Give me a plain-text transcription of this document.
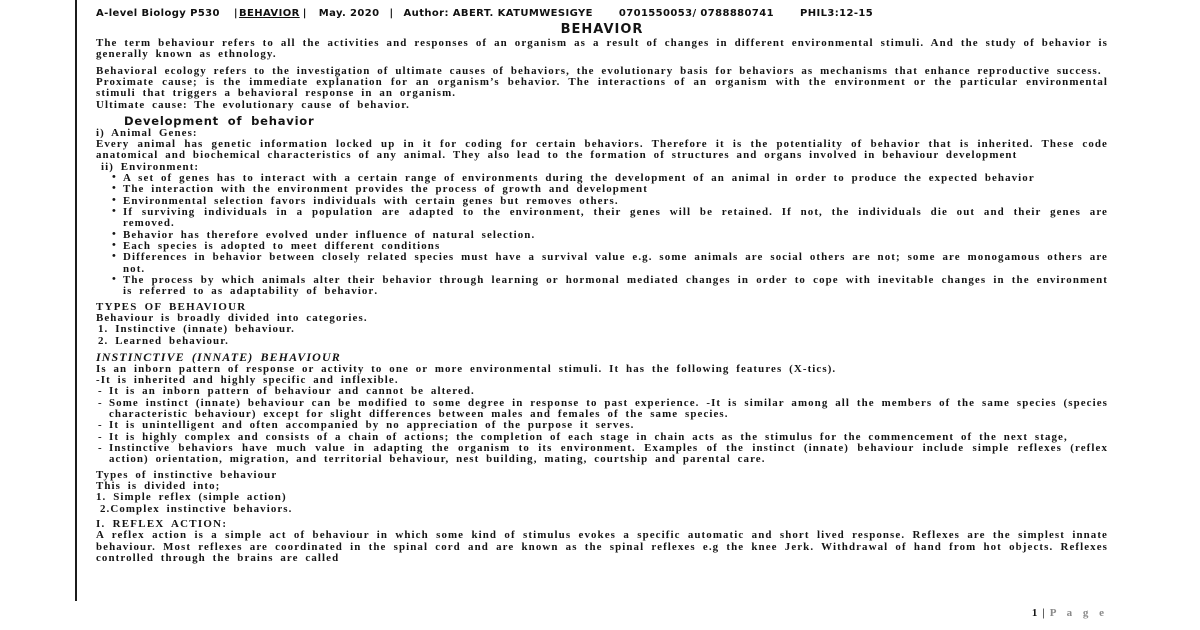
A-level Biology P530 |BEHAVIOR | May. 2020 | Author: ABERT. KATUMWESIGYE	0701550053/ 0788880741	PHIL3:12-15
BEHAVIOR

The term behaviour refers to all the activities and responses of an organism as a result of changes in different environmental stimuli. And the study of behavior is generally known as ethnology.

Behavioral ecology refers to the investigation of ultimate causes of behaviors, the evolutionary basis for behaviors as mechanisms that enhance reproductive success.

Proximate cause; is the immediate explanation for an organism’s behavior. The interactions of an organism with the environment or the particular environmental stimuli that triggers a behavioral response in an organism.

Ultimate cause: The evolutionary cause of behavior.

Development of behavior
i) Animal Genes:

Every animal has genetic information locked up in it for coding for certain behaviors. Therefore it is the potentiality of behavior that is inherited. These code anatomical and biochemical characteristics of any animal. They also lead to the formation of structures and organs involved in behaviour development

ii) Environment:
• A set of genes has to interact with a certain range of environments during the development of an animal in order to produce the expected behavior
• The interaction with the environment provides the process of growth and development
• Environmental selection favors individuals with certain genes but removes others.
• If surviving individuals in a population are adapted to the environment, their genes will be retained. If not, the individuals die out and their genes are removed.
• Behavior has therefore evolved under influence of natural selection.
• Each species is adopted to meet different conditions
• Differences in behavior between closely related species must have a survival value e.g. some animals are social others are not; some are monogamous others are not.
• The process by which animals alter their behavior through learning or hormonal mediated changes in order to cope with inevitable changes in the environment is referred to as adaptability of behavior.
TYPES OF BEHAVIOUR

Behaviour is broadly divided into categories.

1. Instinctive (innate) behaviour.

2. Learned behaviour.

INSTINCTIVE (INNATE) BEHAVIOUR

Is an inborn pattern of response or activity to one or more environmental stimuli. It has the following features (X-tics).

-It is inherited and highly specific and inflexible.

- It is an inborn pattern of behaviour and cannot be altered.
- Some instinct (innate) behaviour can be modified to some degree in response to past experience. -It is similar among all the members of the same species (species characteristic behaviour) except for slight differences between males and females of the same species.
- It is unintelligent and often accompanied by no appreciation of the purpose it serves.
- It is highly complex and consists of a chain of actions; the completion of each stage in chain acts as the stimulus for the commencement of the next stage,
- Instinctive behaviors have much value in adapting the organism to its environment. Examples of the instinct (innate) behaviour include simple reflexes (reflex action) orientation, migration, and territorial behaviour, nest building, mating, courtship and parental care.
Types of instinctive behaviour

This is divided into;

1. Simple reflex (simple action)

2.Complex instinctive behaviors.

I. REFLEX ACTION:

A reflex action is a simple act of behaviour in which some kind of stimulus evokes a specific automatic and short lived response. Reflexes are the simplest innate behaviour. Most reflexes are coordinated in the spinal cord and are known as the spinal reflexes e.g the knee Jerk. Withdrawal of hand from hot objects. Reflexes controlled through the brains are called

1 | P a g e
